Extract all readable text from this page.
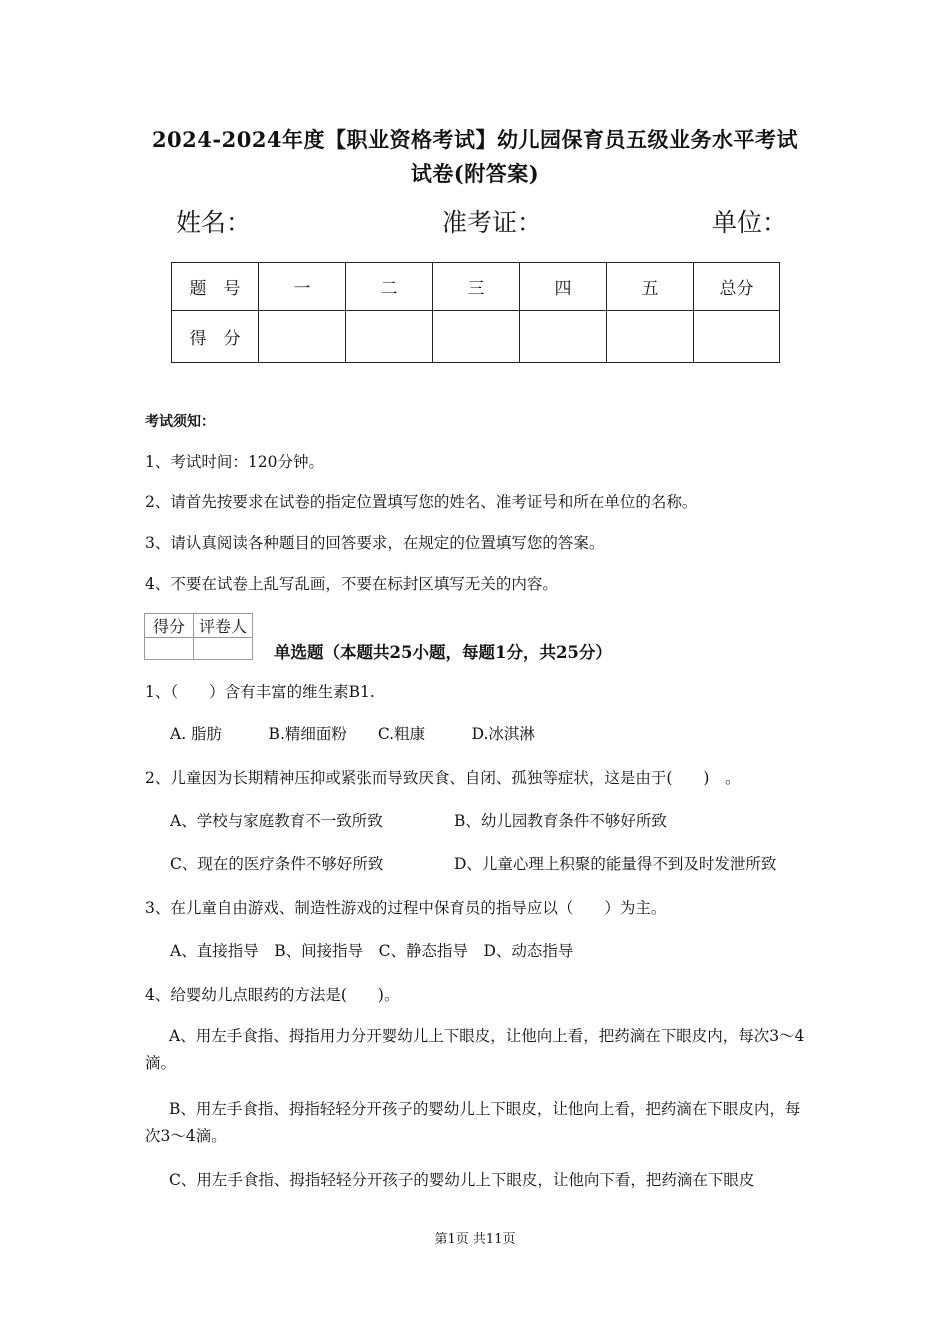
2024-2024年度【职业资格考试】幼儿园保育员五级业务水平考试
试卷(附答案)
姓名：	准考证：	单位：
题　号	一	二	三	四	五	总分
得　分						
考试须知：
1、考试时间：120分钟。
2、请首先按要求在试卷的指定位置填写您的姓名、准考证号和所在单位的名称。
3、请认真阅读各种题目的回答要求，在规定的位置填写您的答案。
4、不要在试卷上乱写乱画，不要在标封区填写无关的内容。
得分	评卷人

单选题（本题共25小题，每题1分，共25分）
1、（　　）含有丰富的维生素B1.
A. 脂肪　　　B.精细面粉　　C.粗康　　　D.冰淇淋
2、儿童因为长期精神压抑或紧张而导致厌食、自闭、孤独等症状，这是由于(　　)　。
A、学校与家庭教育不一致所致	B、幼儿园教育条件不够好所致
C、现在的医疗条件不够好所致	D、儿童心理上积聚的能量得不到及时发泄所致
3、在儿童自由游戏、制造性游戏的过程中保育员的指导应以（　　）为主。
A、直接指导　B、间接指导　C、静态指导　D、动态指导
4、给婴幼儿点眼药的方法是(　　)。
A、用左手食指、拇指用力分开婴幼儿上下眼皮，让他向上看，把药滴在下眼皮内，每次3～4滴。
B、用左手食指、拇指轻轻分开孩子的婴幼儿上下眼皮，让他向上看，把药滴在下眼皮内，每次3～4滴。
C、用左手食指、拇指轻轻分开孩子的婴幼儿上下眼皮，让他向下看，把药滴在下眼皮
第1页 共11页
